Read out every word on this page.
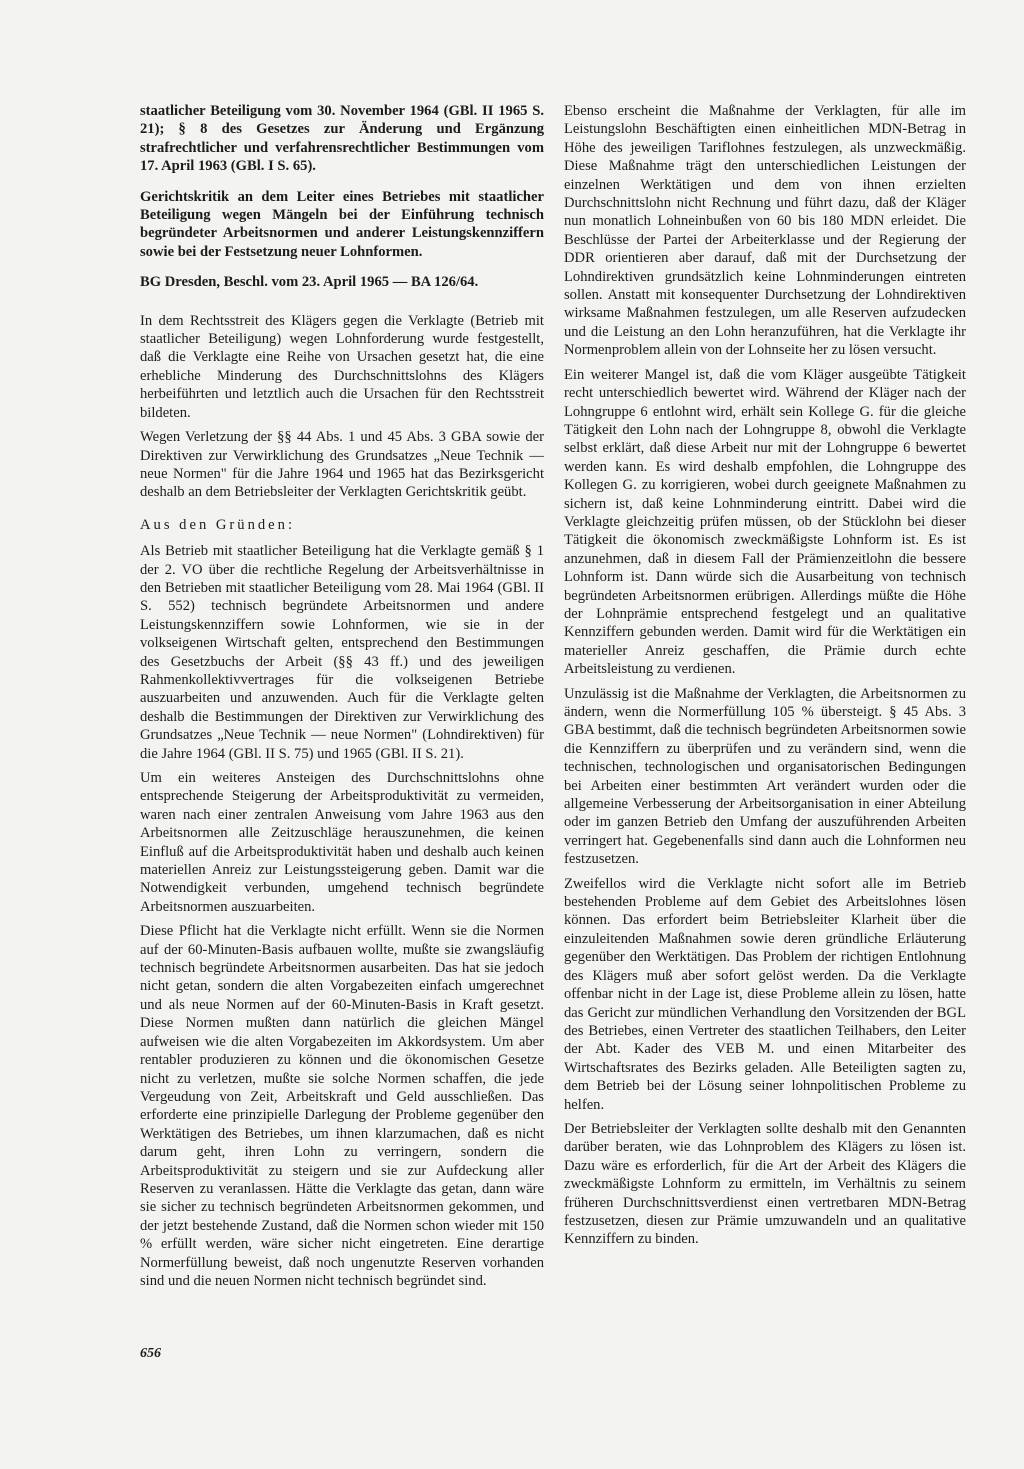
staatlicher Beteiligung vom 30. November 1964 (GBl. II 1965 S. 21); § 8 des Gesetzes zur Änderung und Ergänzung strafrechtlicher und verfahrensrechtlicher Bestimmungen vom 17. April 1963 (GBl. I S. 65).

Gerichtskritik an dem Leiter eines Betriebes mit staatlicher Beteiligung wegen Mängeln bei der Einführung technisch begründeter Arbeitsnormen und anderer Leistungskennziffern sowie bei der Festsetzung neuer Lohnformen.

BG Dresden, Beschl. vom 23. April 1965 — BA 126/64.

In dem Rechtsstreit des Klägers gegen die Verklagte (Betrieb mit staatlicher Beteiligung) wegen Lohnforderung wurde festgestellt, daß die Verklagte eine Reihe von Ursachen gesetzt hat, die eine erhebliche Minderung des Durchschnittslohns des Klägers herbeiführten und letztlich auch die Ursachen für den Rechtsstreit bildeten.

Wegen Verletzung der §§ 44 Abs. 1 und 45 Abs. 3 GBA sowie der Direktiven zur Verwirklichung des Grundsatzes „Neue Technik — neue Normen" für die Jahre 1964 und 1965 hat das Bezirksgericht deshalb an dem Betriebsleiter der Verklagten Gerichtskritik geübt.

Aus den Gründen:

Als Betrieb mit staatlicher Beteiligung hat die Verklagte gemäß § 1 der 2. VO über die rechtliche Regelung der Arbeitsverhältnisse in den Betrieben mit staatlicher Beteiligung vom 28. Mai 1964 (GBl. II S. 552) technisch begründete Arbeitsnormen und andere Leistungskennziffern sowie Lohnformen, wie sie in der volkseigenen Wirtschaft gelten, entsprechend den Bestimmungen des Gesetzbuchs der Arbeit (§§ 43 ff.) und des jeweiligen Rahmenkollektivvertrages für die volkseigenen Betriebe auszuarbeiten und anzuwenden. Auch für die Verklagte gelten deshalb die Bestimmungen der Direktiven zur Verwirklichung des Grundsatzes „Neue Technik — neue Normen" (Lohndirektiven) für die Jahre 1964 (GBl. II S. 75) und 1965 (GBl. II S. 21).

Um ein weiteres Ansteigen des Durchschnittslohns ohne entsprechende Steigerung der Arbeitsproduktivität zu vermeiden, waren nach einer zentralen Anweisung vom Jahre 1963 aus den Arbeitsnormen alle Zeitzuschläge herauszunehmen, die keinen Einfluß auf die Arbeitsproduktivität haben und deshalb auch keinen materiellen Anreiz zur Leistungssteigerung geben. Damit war die Notwendigkeit verbunden, umgehend technisch begründete Arbeitsnormen auszuarbeiten.

Diese Pflicht hat die Verklagte nicht erfüllt. Wenn sie die Normen auf der 60-Minuten-Basis aufbauen wollte, mußte sie zwangsläufig technisch begründete Arbeitsnormen ausarbeiten. Das hat sie jedoch nicht getan, sondern die alten Vorgabezeiten einfach umgerechnet und als neue Normen auf der 60-Minuten-Basis in Kraft gesetzt. Diese Normen mußten dann natürlich die gleichen Mängel aufweisen wie die alten Vorgabezeiten im Akkordsystem. Um aber rentabler produzieren zu können und die ökonomischen Gesetze nicht zu verletzen, mußte sie solche Normen schaffen, die jede Vergeudung von Zeit, Arbeitskraft und Geld ausschließen. Das erforderte eine prinzipielle Darlegung der Probleme gegenüber den Werktätigen des Betriebes, um ihnen klarzumachen, daß es nicht darum geht, ihren Lohn zu verringern, sondern die Arbeitsproduktivität zu steigern und sie zur Aufdeckung aller Reserven zu veranlassen. Hätte die Verklagte das getan, dann wäre sie sicher zu technisch begründeten Arbeitsnormen gekommen, und der jetzt bestehende Zustand, daß die Normen schon wieder mit 150 % erfüllt werden, wäre sicher nicht eingetreten. Eine derartige Normerfüllung beweist, daß noch ungenutzte Reserven vorhanden sind und die neuen Normen nicht technisch begründet sind.

Ebenso erscheint die Maßnahme der Verklagten, für alle im Leistungslohn Beschäftigten einen einheitlichen MDN-Betrag in Höhe des jeweiligen Tariflohnes festzulegen, als unzweckmäßig. Diese Maßnahme trägt den unterschiedlichen Leistungen der einzelnen Werktätigen und dem von ihnen erzielten Durchschnittslohn nicht Rechnung und führt dazu, daß der Kläger nun monatlich Lohneinbußen von 60 bis 180 MDN erleidet. Die Beschlüsse der Partei der Arbeiterklasse und der Regierung der DDR orientieren aber darauf, daß mit der Durchsetzung der Lohndirektiven grundsätzlich keine Lohnminderungen eintreten sollen. Anstatt mit konsequenter Durchsetzung der Lohndirektiven wirksame Maßnahmen festzulegen, um alle Reserven aufzudecken und die Leistung an den Lohn heranzuführen, hat die Verklagte ihr Normenproblem allein von der Lohnseite her zu lösen versucht.

Ein weiterer Mangel ist, daß die vom Kläger ausgeübte Tätigkeit recht unterschiedlich bewertet wird. Während der Kläger nach der Lohngruppe 6 entlohnt wird, erhält sein Kollege G. für die gleiche Tätigkeit den Lohn nach der Lohngruppe 8, obwohl die Verklagte selbst erklärt, daß diese Arbeit nur mit der Lohngruppe 6 bewertet werden kann. Es wird deshalb empfohlen, die Lohngruppe des Kollegen G. zu korrigieren, wobei durch geeignete Maßnahmen zu sichern ist, daß keine Lohnminderung eintritt. Dabei wird die Verklagte gleichzeitig prüfen müssen, ob der Stücklohn bei dieser Tätigkeit die ökonomisch zweckmäßigste Lohnform ist. Es ist anzunehmen, daß in diesem Fall der Prämienzeitlohn die bessere Lohnform ist. Dann würde sich die Ausarbeitung von technisch begründeten Arbeitsnormen erübrigen. Allerdings müßte die Höhe der Lohnprämie entsprechend festgelegt und an qualitative Kennziffern gebunden werden. Damit wird für die Werktätigen ein materieller Anreiz geschaffen, die Prämie durch echte Arbeitsleistung zu verdienen.

Unzulässig ist die Maßnahme der Verklagten, die Arbeitsnormen zu ändern, wenn die Normerfüllung 105 % übersteigt. § 45 Abs. 3 GBA bestimmt, daß die technisch begründeten Arbeitsnormen sowie die Kennziffern zu überprüfen und zu verändern sind, wenn die technischen, technologischen und organisatorischen Bedingungen bei Arbeiten einer bestimmten Art verändert wurden oder die allgemeine Verbesserung der Arbeitsorganisation in einer Abteilung oder im ganzen Betrieb den Umfang der auszuführenden Arbeiten verringert hat. Gegebenenfalls sind dann auch die Lohnformen neu festzusetzen.

Zweifellos wird die Verklagte nicht sofort alle im Betrieb bestehenden Probleme auf dem Gebiet des Arbeitslohnes lösen können. Das erfordert beim Betriebsleiter Klarheit über die einzuleitenden Maßnahmen sowie deren gründliche Erläuterung gegenüber den Werktätigen. Das Problem der richtigen Entlohnung des Klägers muß aber sofort gelöst werden. Da die Verklagte offenbar nicht in der Lage ist, diese Probleme allein zu lösen, hatte das Gericht zur mündlichen Verhandlung den Vorsitzenden der BGL des Betriebes, einen Vertreter des staatlichen Teilhabers, den Leiter der Abt. Kader des VEB M. und einen Mitarbeiter des Wirtschaftsrates des Bezirks geladen. Alle Beteiligten sagten zu, dem Betrieb bei der Lösung seiner lohnpolitischen Probleme zu helfen.

Der Betriebsleiter der Verklagten sollte deshalb mit den Genannten darüber beraten, wie das Lohnproblem des Klägers zu lösen ist. Dazu wäre es erforderlich, für die Art der Arbeit des Klägers die zweckmäßigste Lohnform zu ermitteln, im Verhältnis zu seinem früheren Durchschnittsverdienst einen vertretbaren MDN-Betrag festzusetzen, diesen zur Prämie umzuwandeln und an qualitative Kennziffern zu binden.

656
